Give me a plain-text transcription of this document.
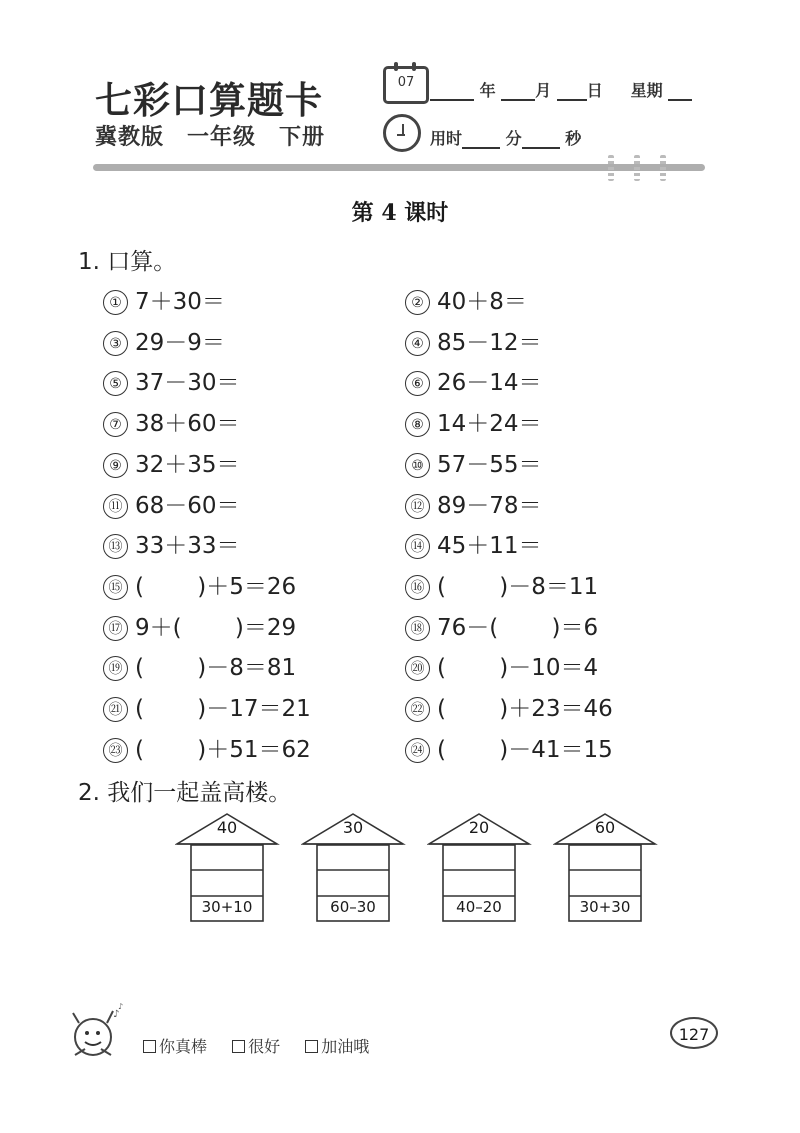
七彩口算题卡
冀教版　一年级　下册
07	年 月 日 星期
用时	分	秒
第 4 课时
1. 口算。
① 7＋30＝	② 40＋8＝
③ 29－9＝	④ 85－12＝
⑤ 37－30＝	⑥ 26－14＝
⑦ 38＋60＝	⑧ 14＋24＝
⑨ 32＋35＝	⑩ 57－55＝
⑪ 68－60＝	⑫ 89－78＝
⑬ 33＋33＝	⑭ 45＋11＝
⑮ (　　 )＋5＝26	⑯ (　　 )－8＝11
⑰ 9＋(　　 )＝29	⑱ 76－(　　 )＝6
⑲ (　　 )－8＝81	⑳ (　　 )－10＝4
㉑ (　　 )－17＝21	㉒ (　　 )＋23＝46
㉓ (　　 )＋51＝62	㉔ (　　 )－41＝15
2. 我们一起盖高楼。
40
30+10
30
60–30
20
40–20
60
30+30
♪
♪
你真棒	很好	加油哦
127
